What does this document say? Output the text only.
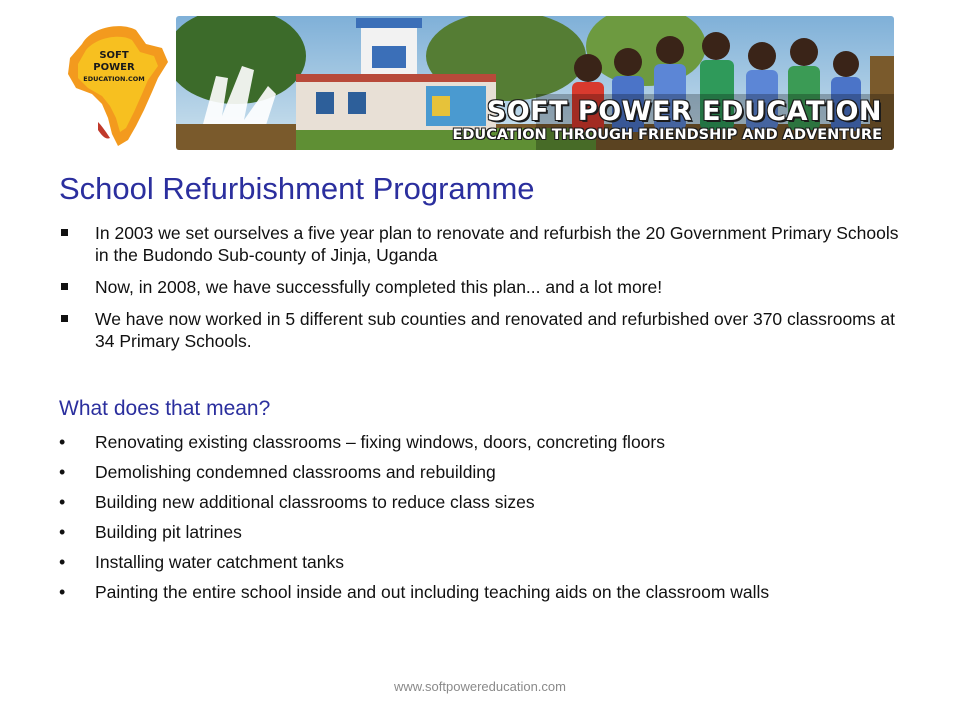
SOFT
POWER
EDUCATION.COM
SOFT POWER EDUCATION
EDUCATION THROUGH FRIENDSHIP AND ADVENTURE
School Refurbishment Programme
In 2003 we set ourselves a five year plan to renovate and refurbish the 20 Government Primary Schools in the Budondo Sub-county of Jinja, Uganda
Now, in 2008, we have successfully completed this plan... and a lot more!
We have now worked in 5 different sub counties and renovated and refurbished over 370 classrooms at 34 Primary Schools.
What does that mean?
• Renovating existing classrooms – fixing windows, doors, concreting floors
• Demolishing condemned classrooms and rebuilding
• Building new additional classrooms to reduce class sizes
• Building pit latrines
• Installing water catchment tanks
• Painting the entire school inside and out including teaching aids on the classroom walls
www.softpowereducation.com
